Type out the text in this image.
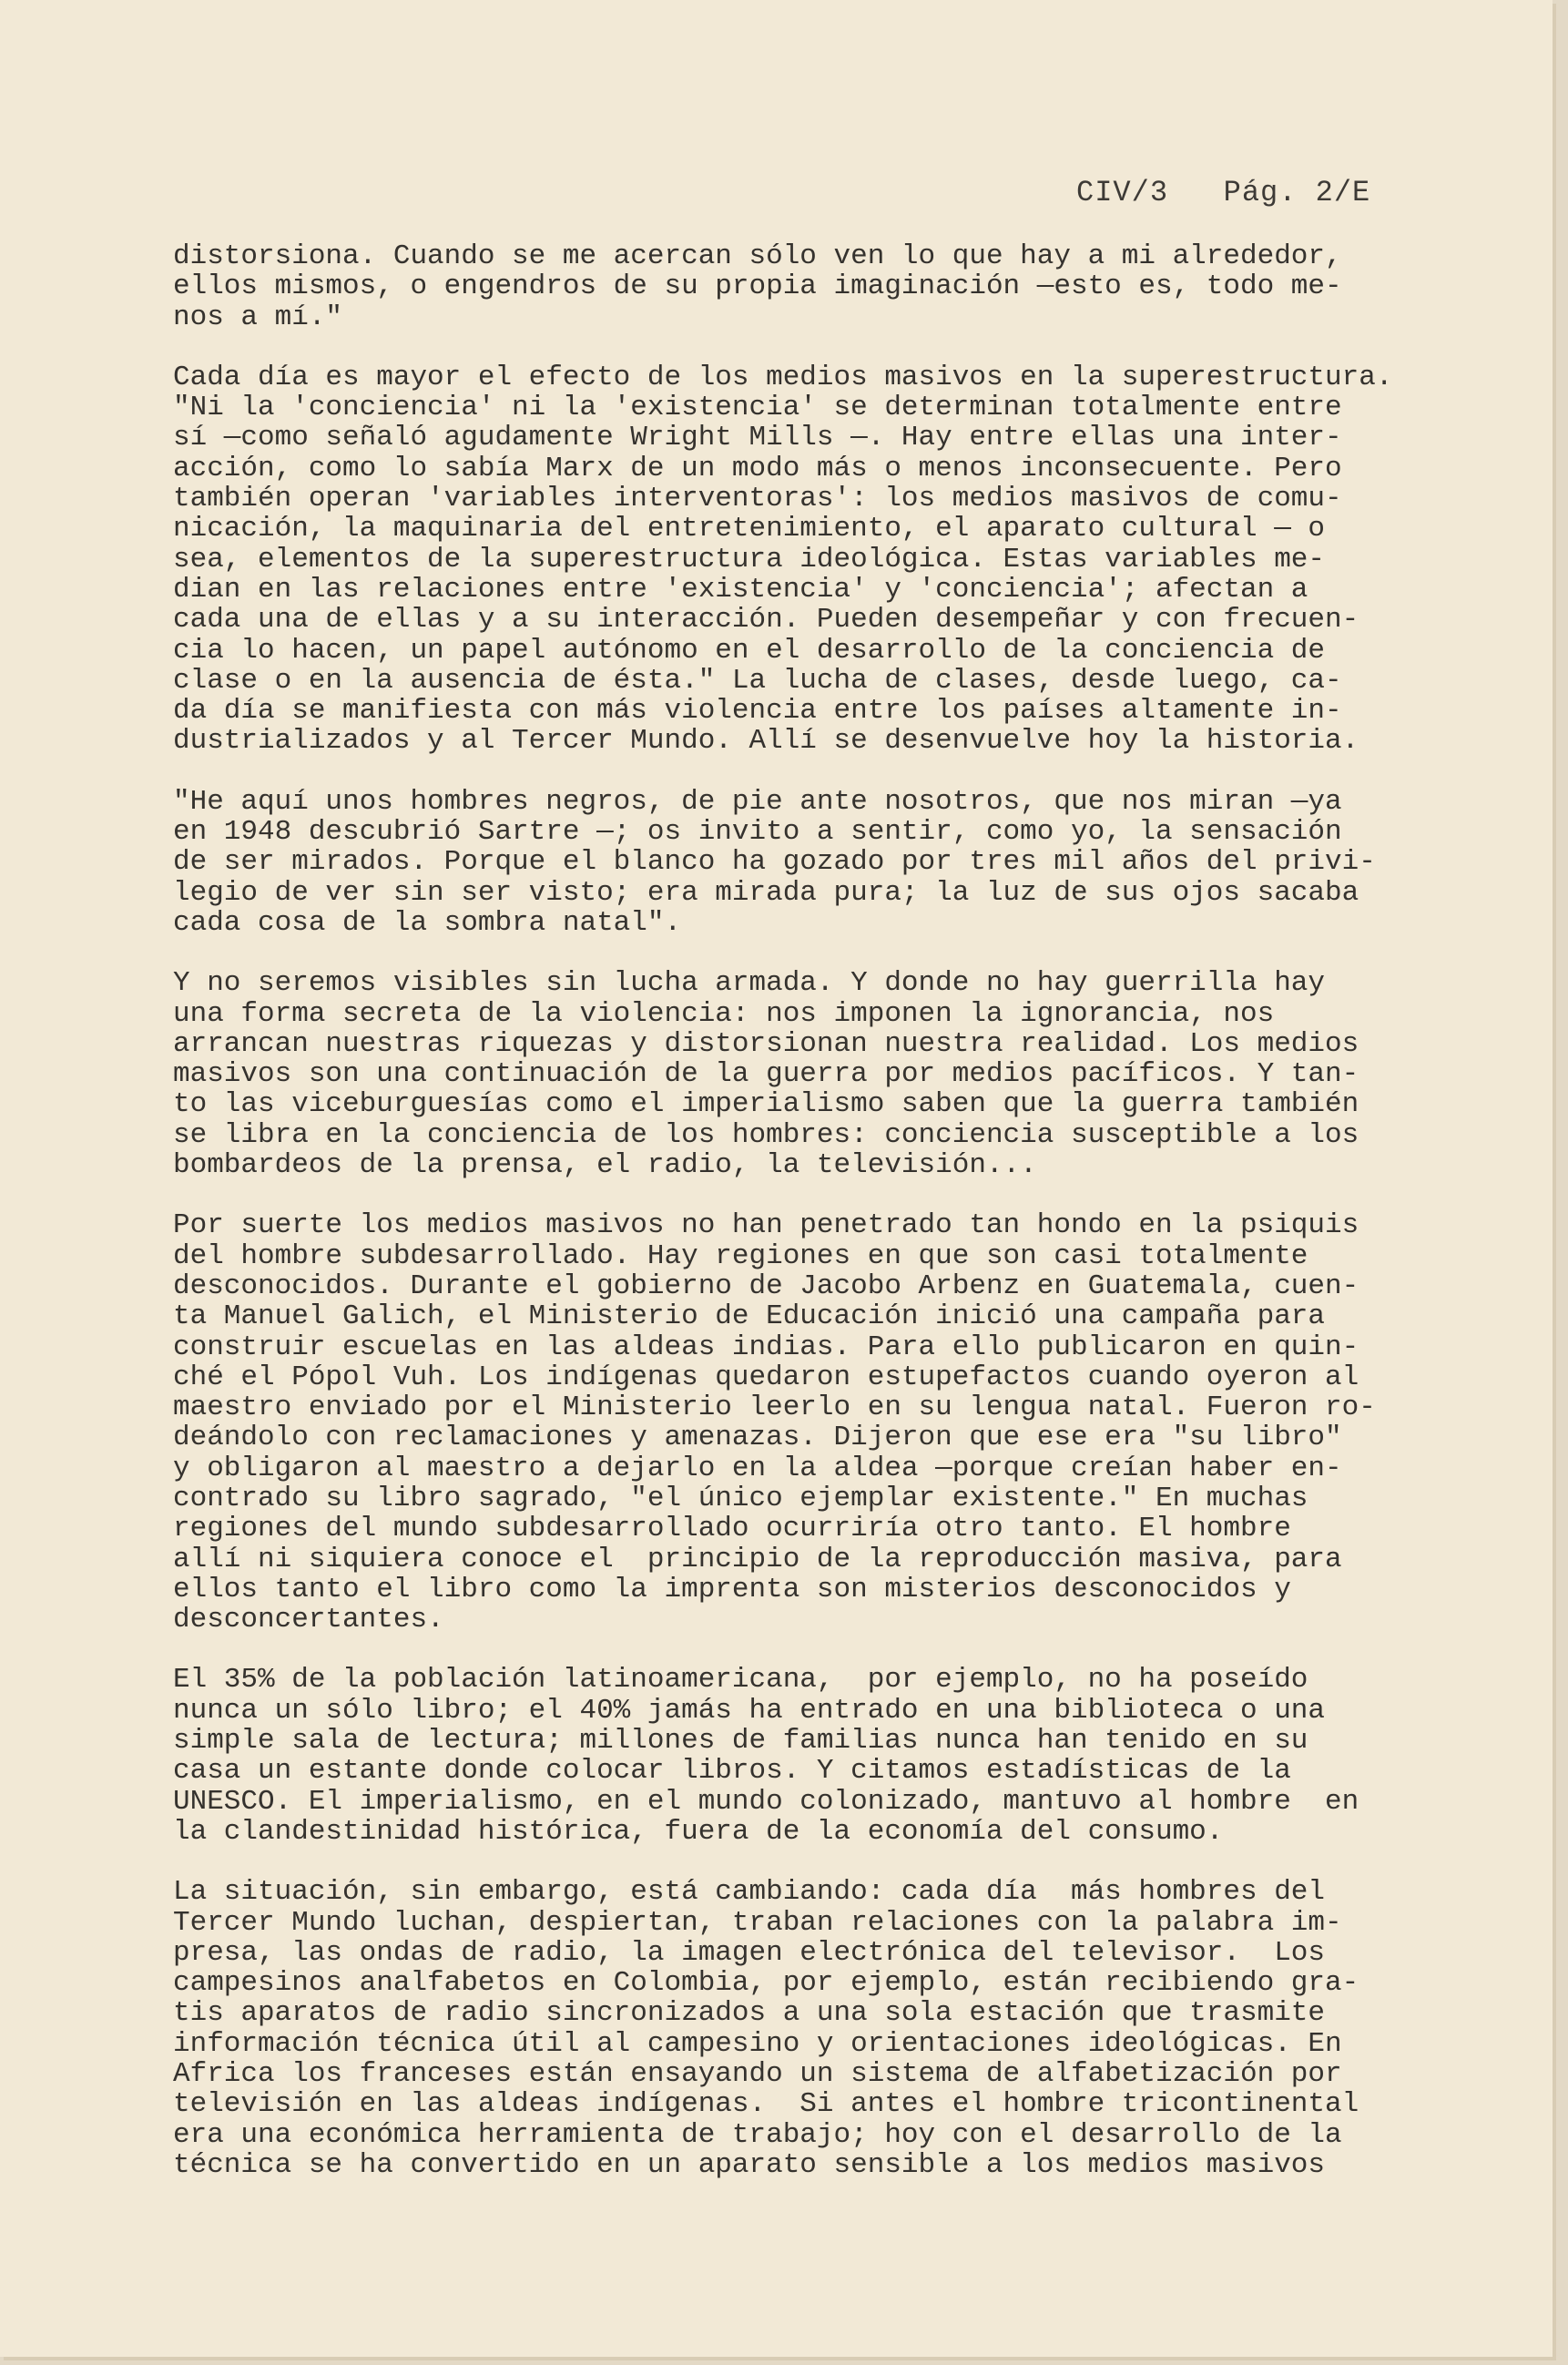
CIV/3   Pág. 2/E

distorsiona. Cuando se me acercan sólo ven lo que hay a mi alrededor,
ellos mismos, o engendros de su propia imaginación —esto es, todo me-
nos a mí."

Cada día es mayor el efecto de los medios masivos en la superestructura.
"Ni la 'conciencia' ni la 'existencia' se determinan totalmente entre
sí —como señaló agudamente Wright Mills —. Hay entre ellas una inter-
acción, como lo sabía Marx de un modo más o menos inconsecuente. Pero
también operan 'variables interventoras': los medios masivos de comu-
nicación, la maquinaria del entretenimiento, el aparato cultural — o
sea, elementos de la superestructura ideológica. Estas variables me-
dian en las relaciones entre 'existencia' y 'conciencia'; afectan a
cada una de ellas y a su interacción. Pueden desempeñar y con frecuen-
cia lo hacen, un papel autónomo en el desarrollo de la conciencia de
clase o en la ausencia de ésta." La lucha de clases, desde luego, ca-
da día se manifiesta con más violencia entre los países altamente in-
dustrializados y al Tercer Mundo. Allí se desenvuelve hoy la historia.

"He aquí unos hombres negros, de pie ante nosotros, que nos miran —ya
en 1948 descubrió Sartre —; os invito a sentir, como yo, la sensación
de ser mirados. Porque el blanco ha gozado por tres mil años del privi-
legio de ver sin ser visto; era mirada pura; la luz de sus ojos sacaba
cada cosa de la sombra natal".

Y no seremos visibles sin lucha armada. Y donde no hay guerrilla hay
una forma secreta de la violencia: nos imponen la ignorancia, nos
arrancan nuestras riquezas y distorsionan nuestra realidad. Los medios
masivos son una continuación de la guerra por medios pacíficos. Y tan-
to las viceburguesías como el imperialismo saben que la guerra también
se libra en la conciencia de los hombres: conciencia susceptible a los
bombardeos de la prensa, el radio, la televisión...

Por suerte los medios masivos no han penetrado tan hondo en la psiquis
del hombre subdesarrollado. Hay regiones en que son casi totalmente
desconocidos. Durante el gobierno de Jacobo Arbenz en Guatemala, cuen-
ta Manuel Galich, el Ministerio de Educación inició una campaña para
construir escuelas en las aldeas indias. Para ello publicaron en quin-
ché el Pópol Vuh. Los indígenas quedaron estupefactos cuando oyeron al
maestro enviado por el Ministerio leerlo en su lengua natal. Fueron ro-
deándolo con reclamaciones y amenazas. Dijeron que ese era "su libro"
y obligaron al maestro a dejarlo en la aldea —porque creían haber en-
contrado su libro sagrado, "el único ejemplar existente." En muchas
regiones del mundo subdesarrollado ocurriría otro tanto. El hombre
allí ni siquiera conoce el  principio de la reproducción masiva, para
ellos tanto el libro como la imprenta son misterios desconocidos y
desconcertantes.

El 35% de la población latinoamericana,  por ejemplo, no ha poseído
nunca un sólo libro; el 40% jamás ha entrado en una biblioteca o una
simple sala de lectura; millones de familias nunca han tenido en su
casa un estante donde colocar libros. Y citamos estadísticas de la
UNESCO. El imperialismo, en el mundo colonizado, mantuvo al hombre  en
la clandestinidad histórica, fuera de la economía del consumo.

La situación, sin embargo, está cambiando: cada día  más hombres del
Tercer Mundo luchan, despiertan, traban relaciones con la palabra im-
presa, las ondas de radio, la imagen electrónica del televisor.  Los
campesinos analfabetos en Colombia, por ejemplo, están recibiendo gra-
tis aparatos de radio sincronizados a una sola estación que trasmite
información técnica útil al campesino y orientaciones ideológicas. En
Africa los franceses están ensayando un sistema de alfabetización por
televisión en las aldeas indígenas.  Si antes el hombre tricontinental
era una económica herramienta de trabajo; hoy con el desarrollo de la
técnica se ha convertido en un aparato sensible a los medios masivos
